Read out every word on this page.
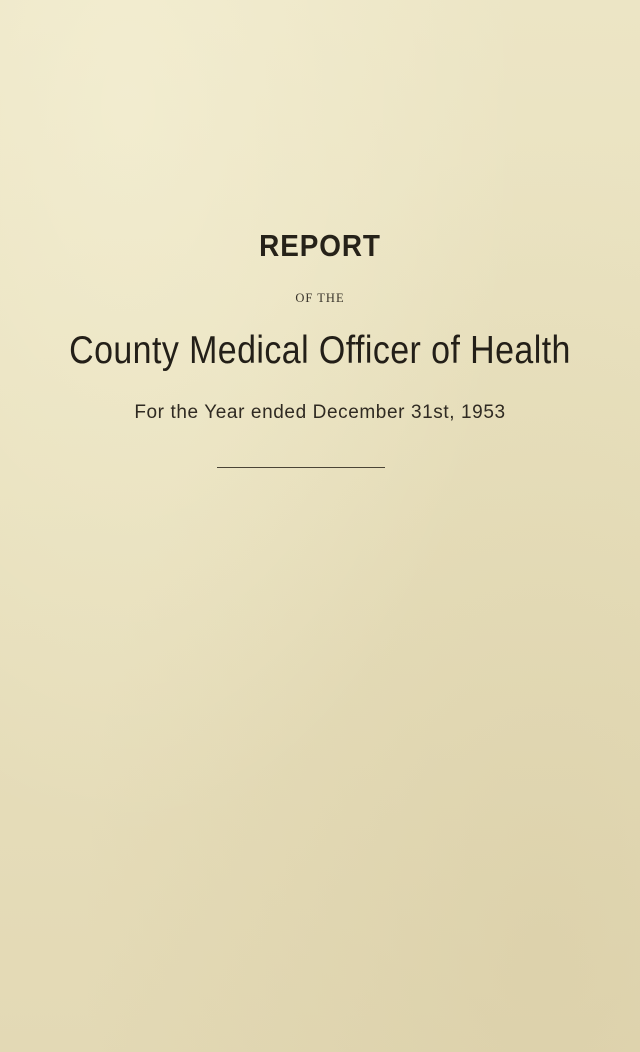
REPORT
OF THE
County Medical Officer of Health
For the Year ended December 31st, 1953
